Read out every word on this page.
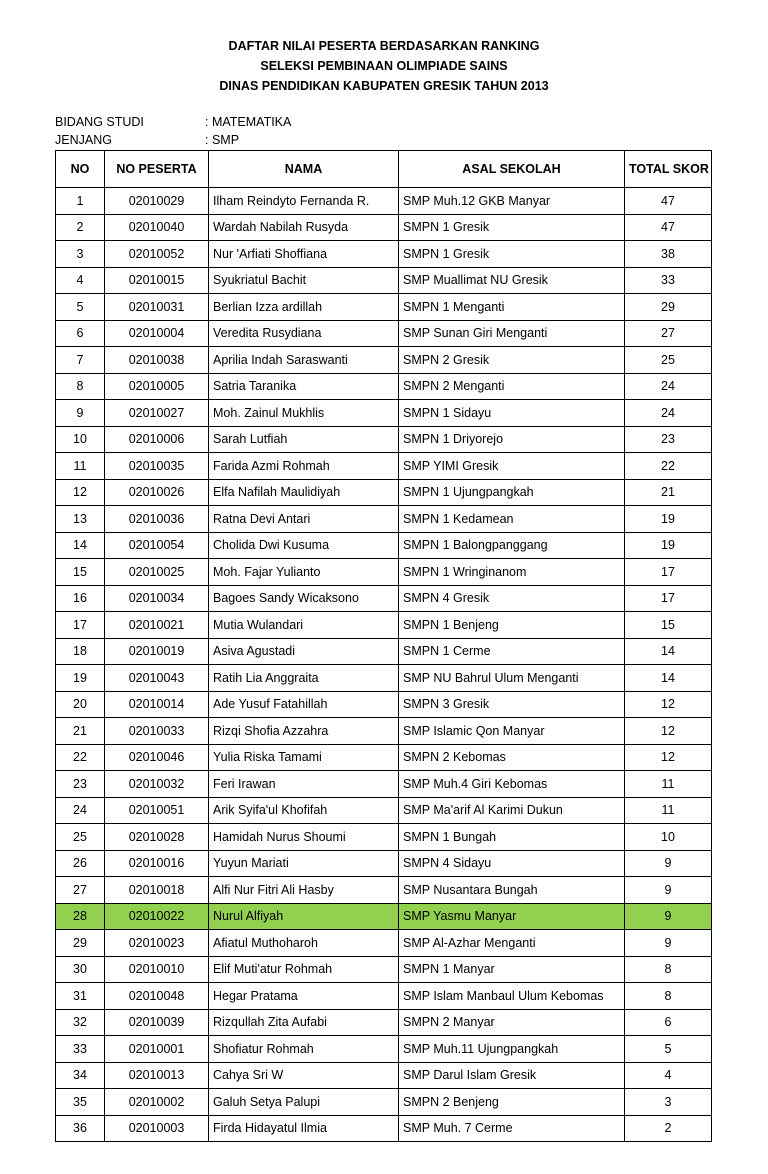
DAFTAR NILAI PESERTA BERDASARKAN RANKING
SELEKSI PEMBINAAN OLIMPIADE SAINS
DINAS PENDIDIKAN KABUPATEN GRESIK TAHUN 2013
BIDANG STUDI	: MATEMATIKA
JENJANG	: SMP
NO	NO PESERTA	NAMA	ASAL SEKOLAH	TOTAL SKOR
1	02010029	Ilham Reindyto Fernanda R.	SMP Muh.12 GKB Manyar	47
2	02010040	Wardah Nabilah Rusyda	SMPN 1 Gresik	47
3	02010052	Nur 'Arfiati Shoffiana	SMPN 1 Gresik	38
4	02010015	Syukriatul Bachit	SMP Muallimat NU Gresik	33
5	02010031	Berlian Izza ardillah	SMPN 1 Menganti	29
6	02010004	Veredita Rusydiana	SMP Sunan Giri Menganti	27
7	02010038	Aprilia Indah Saraswanti	SMPN 2 Gresik	25
8	02010005	Satria Taranika	SMPN 2 Menganti	24
9	02010027	Moh. Zainul Mukhlis	SMPN 1 Sidayu	24
10	02010006	Sarah Lutfiah	SMPN 1 Driyorejo	23
11	02010035	Farida Azmi Rohmah	SMP YIMI Gresik	22
12	02010026	Elfa Nafilah Maulidiyah	SMPN 1 Ujungpangkah	21
13	02010036	Ratna Devi Antari	SMPN 1 Kedamean	19
14	02010054	Cholida Dwi Kusuma	SMPN 1 Balongpanggang	19
15	02010025	Moh. Fajar Yulianto	SMPN 1 Wringinanom	17
16	02010034	Bagoes Sandy Wicaksono	SMPN 4 Gresik	17
17	02010021	Mutia Wulandari	SMPN 1 Benjeng	15
18	02010019	Asiva Agustadi	SMPN 1 Cerme	14
19	02010043	Ratih Lia Anggraita	SMP NU Bahrul Ulum Menganti	14
20	02010014	Ade Yusuf Fatahillah	SMPN 3 Gresik	12
21	02010033	Rizqi Shofia Azzahra	SMP Islamic Qon Manyar	12
22	02010046	Yulia Riska Tamami	SMPN 2 Kebomas	12
23	02010032	Feri Irawan	SMP Muh.4 Giri Kebomas	11
24	02010051	Arik Syifa'ul Khofifah	SMP Ma'arif Al Karimi Dukun	11
25	02010028	Hamidah Nurus Shoumi	SMPN 1 Bungah	10
26	02010016	Yuyun Mariati	SMPN 4 Sidayu	9
27	02010018	Alfi Nur Fitri Ali Hasby	SMP Nusantara Bungah	9
28	02010022	Nurul Alfiyah	SMP Yasmu Manyar	9
29	02010023	Afiatul Muthoharoh	SMP Al-Azhar Menganti	9
30	02010010	Elif Muti'atur Rohmah	SMPN 1 Manyar	8
31	02010048	Hegar Pratama	SMP Islam Manbaul Ulum Kebomas	8
32	02010039	Rizqullah Zita Aufabi	SMPN 2 Manyar	6
33	02010001	Shofiatur Rohmah	SMP Muh.11 Ujungpangkah	5
34	02010013	Cahya Sri W	SMP Darul Islam Gresik	4
35	02010002	Galuh Setya Palupi	SMPN 2 Benjeng	3
36	02010003	Firda Hidayatul Ilmia	SMP Muh. 7 Cerme	2
